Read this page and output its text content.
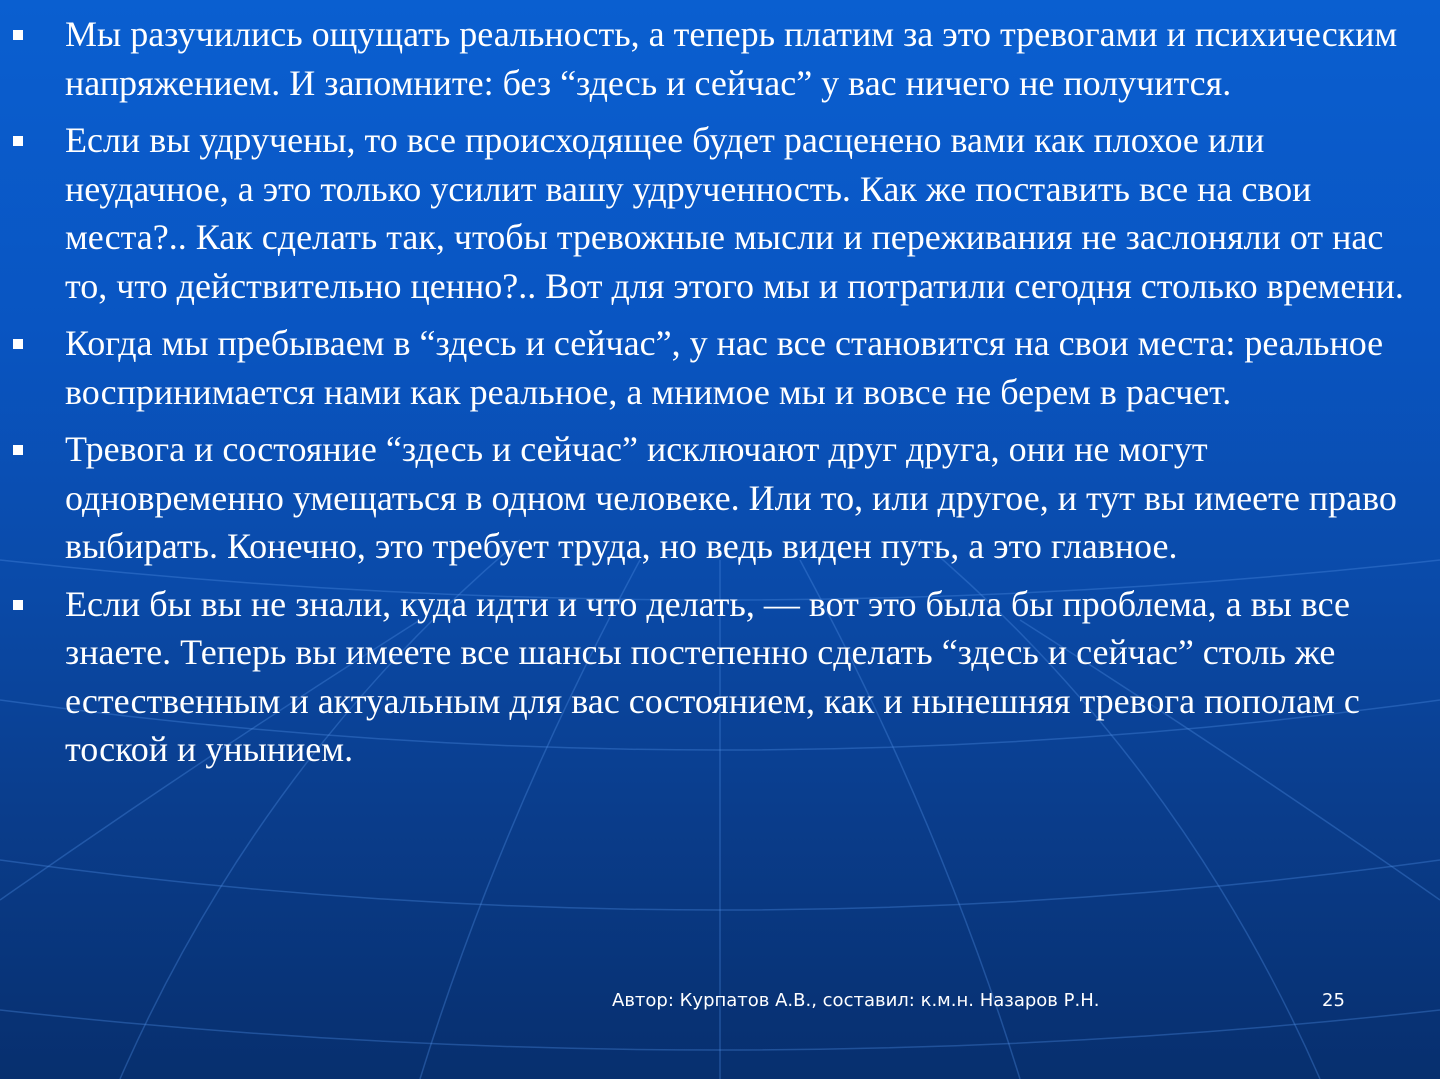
Мы разучились ощущать реальность, а теперь платим за это тревогами и психическим напряжением. И запомните: без “здесь и сейчас” у вас ничего не получится.
Если вы удручены, то все происходящее будет расценено вами как плохое или неудачное, а это только усилит вашу удрученность. Как же поставить все на свои места?.. Как сделать так, чтобы тревожные мысли и переживания не заслоняли от нас то, что действительно ценно?.. Вот для этого мы и потратили сегодня столько времени.
Когда мы пребываем в “здесь и сейчас”, у нас все становится на свои места: реальное воспринимается нами как реальное, а мнимое мы и вовсе не берем в расчет.
Тревога и состояние “здесь и сейчас” исключают друг друга, они не могут одновременно умещаться в одном человеке. Или то, или другое, и тут вы имеете право выбирать. Конечно, это требует труда, но ведь виден путь, а это главное.
Если бы вы не знали, куда идти и что делать, — вот это была бы проблема, а вы все знаете. Теперь вы имеете все шансы постепенно сделать “здесь и сейчас” столь же естественным и актуальным для вас состоянием, как и нынешняя тревога пополам с тоской и унынием.
Автор: Курпатов А.В., составил: к.м.н. Назаров Р.Н.	25
